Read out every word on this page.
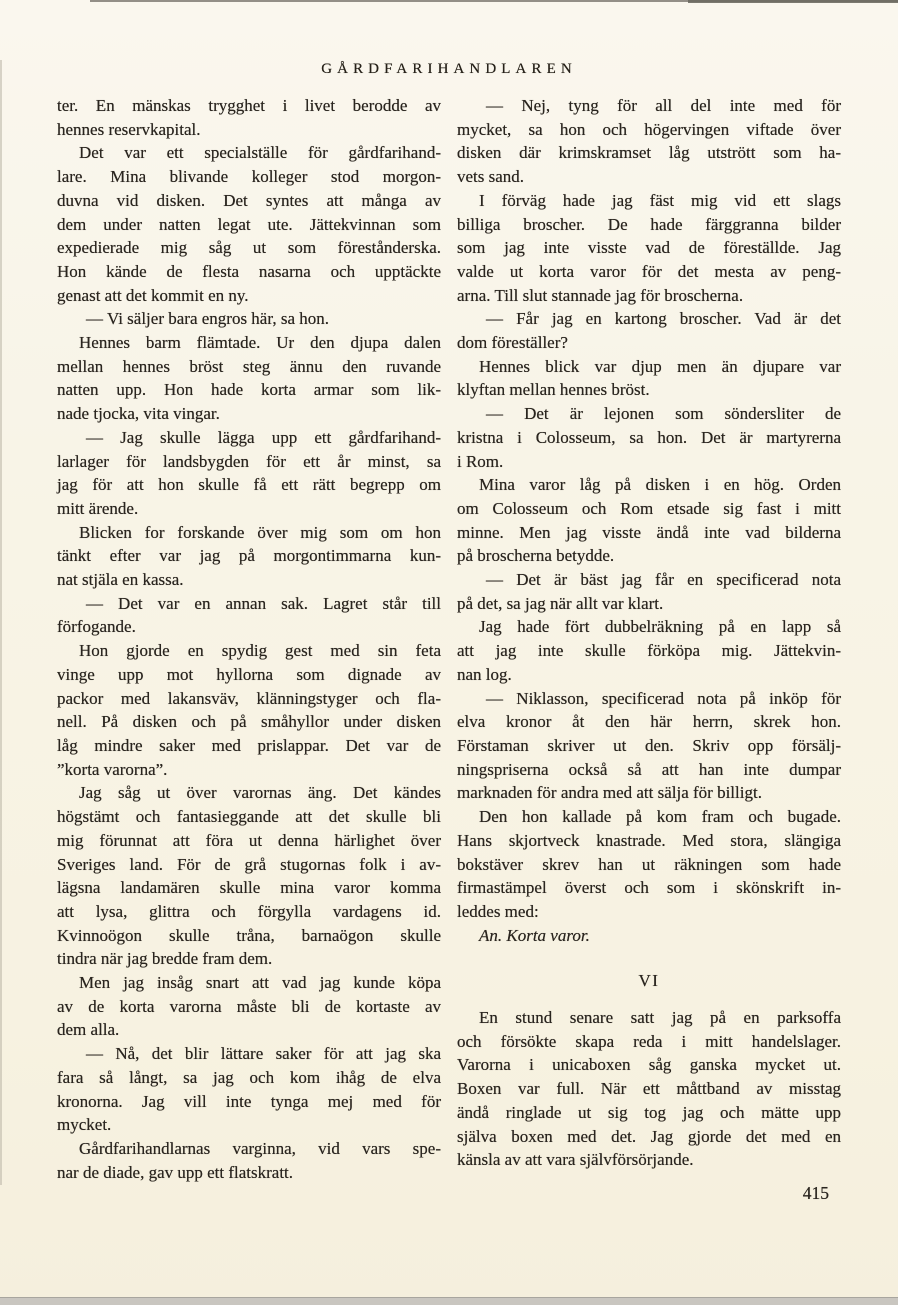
GÅRDFARIHANDLAREN
ter. En mänskas trygghet i livet berodde av
hennes reservkapital.
Det var ett specialställe för gårdfarihand-
lare. Mina blivande kolleger stod morgon-
duvna vid disken. Det syntes att många av
dem under natten legat ute. Jättekvinnan som
expedierade mig såg ut som förestånderska.
Hon kände de flesta nasarna och upptäckte
genast att det kommit en ny.
— Vi säljer bara engros här, sa hon.
Hennes barm flämtade. Ur den djupa dalen
mellan hennes bröst steg ännu den ruvande
natten upp. Hon hade korta armar som lik-
nade tjocka, vita vingar.
— Jag skulle lägga upp ett gårdfarihand-
larlager för landsbygden för ett år minst, sa
jag för att hon skulle få ett rätt begrepp om
mitt ärende.
Blicken for forskande över mig som om hon
tänkt efter var jag på morgontimmarna kun-
nat stjäla en kassa.
— Det var en annan sak. Lagret står till
förfogande.
Hon gjorde en spydig gest med sin feta
vinge upp mot hyllorna som dignade av
packor med lakansväv, klänningstyger och fla-
nell. På disken och på småhyllor under disken
låg mindre saker med prislappar. Det var de
”korta varorna”.
Jag såg ut över varornas äng. Det kändes
högstämt och fantasieggande att det skulle bli
mig förunnat att föra ut denna härlighet över
Sveriges land. För de grå stugornas folk i av-
lägsna landamären skulle mina varor komma
att lysa, glittra och förgylla vardagens id.
Kvinnoögon skulle tråna, barnaögon skulle
tindra när jag bredde fram dem.
Men jag insåg snart att vad jag kunde köpa
av de korta varorna måste bli de kortaste av
dem alla.
— Nå, det blir lättare saker för att jag ska
fara så långt, sa jag och kom ihåg de elva
kronorna. Jag vill inte tynga mej med för
mycket.
Gårdfarihandlarnas varginna, vid vars spe-
nar de diade, gav upp ett flatskratt.
— Nej, tyng för all del inte med för
mycket, sa hon och högervingen viftade över
disken där krimskramset låg utstrött som ha-
vets sand.
I förväg hade jag fäst mig vid ett slags
billiga broscher. De hade färggranna bilder
som jag inte visste vad de föreställde. Jag
valde ut korta varor för det mesta av peng-
arna. Till slut stannade jag för broscherna.
— Får jag en kartong broscher. Vad är det
dom föreställer?
Hennes blick var djup men än djupare var
klyftan mellan hennes bröst.
— Det är lejonen som söndersliter de
kristna i Colosseum, sa hon. Det är martyrerna
i Rom.
Mina varor låg på disken i en hög. Orden
om Colosseum och Rom etsade sig fast i mitt
minne. Men jag visste ändå inte vad bilderna
på broscherna betydde.
— Det är bäst jag får en specificerad nota
på det, sa jag när allt var klart.
Jag hade fört dubbelräkning på en lapp så
att jag inte skulle förköpa mig. Jättekvin-
nan log.
— Niklasson, specificerad nota på inköp för
elva kronor åt den här herrn, skrek hon.
Förstaman skriver ut den. Skriv opp försälj-
ningspriserna också så att han inte dumpar
marknaden för andra med att sälja för billigt.
Den hon kallade på kom fram och bugade.
Hans skjortveck knastrade. Med stora, slängiga
bokstäver skrev han ut räkningen som hade
firmastämpel överst och som i skönskrift in-
leddes med:
An. Korta varor.
VI
En stund senare satt jag på en parksoffa
och försökte skapa reda i mitt handelslager.
Varorna i unicaboxen såg ganska mycket ut.
Boxen var full. När ett måttband av misstag
ändå ringlade ut sig tog jag och mätte upp
själva boxen med det. Jag gjorde det med en
känsla av att vara självförsörjande.
415
